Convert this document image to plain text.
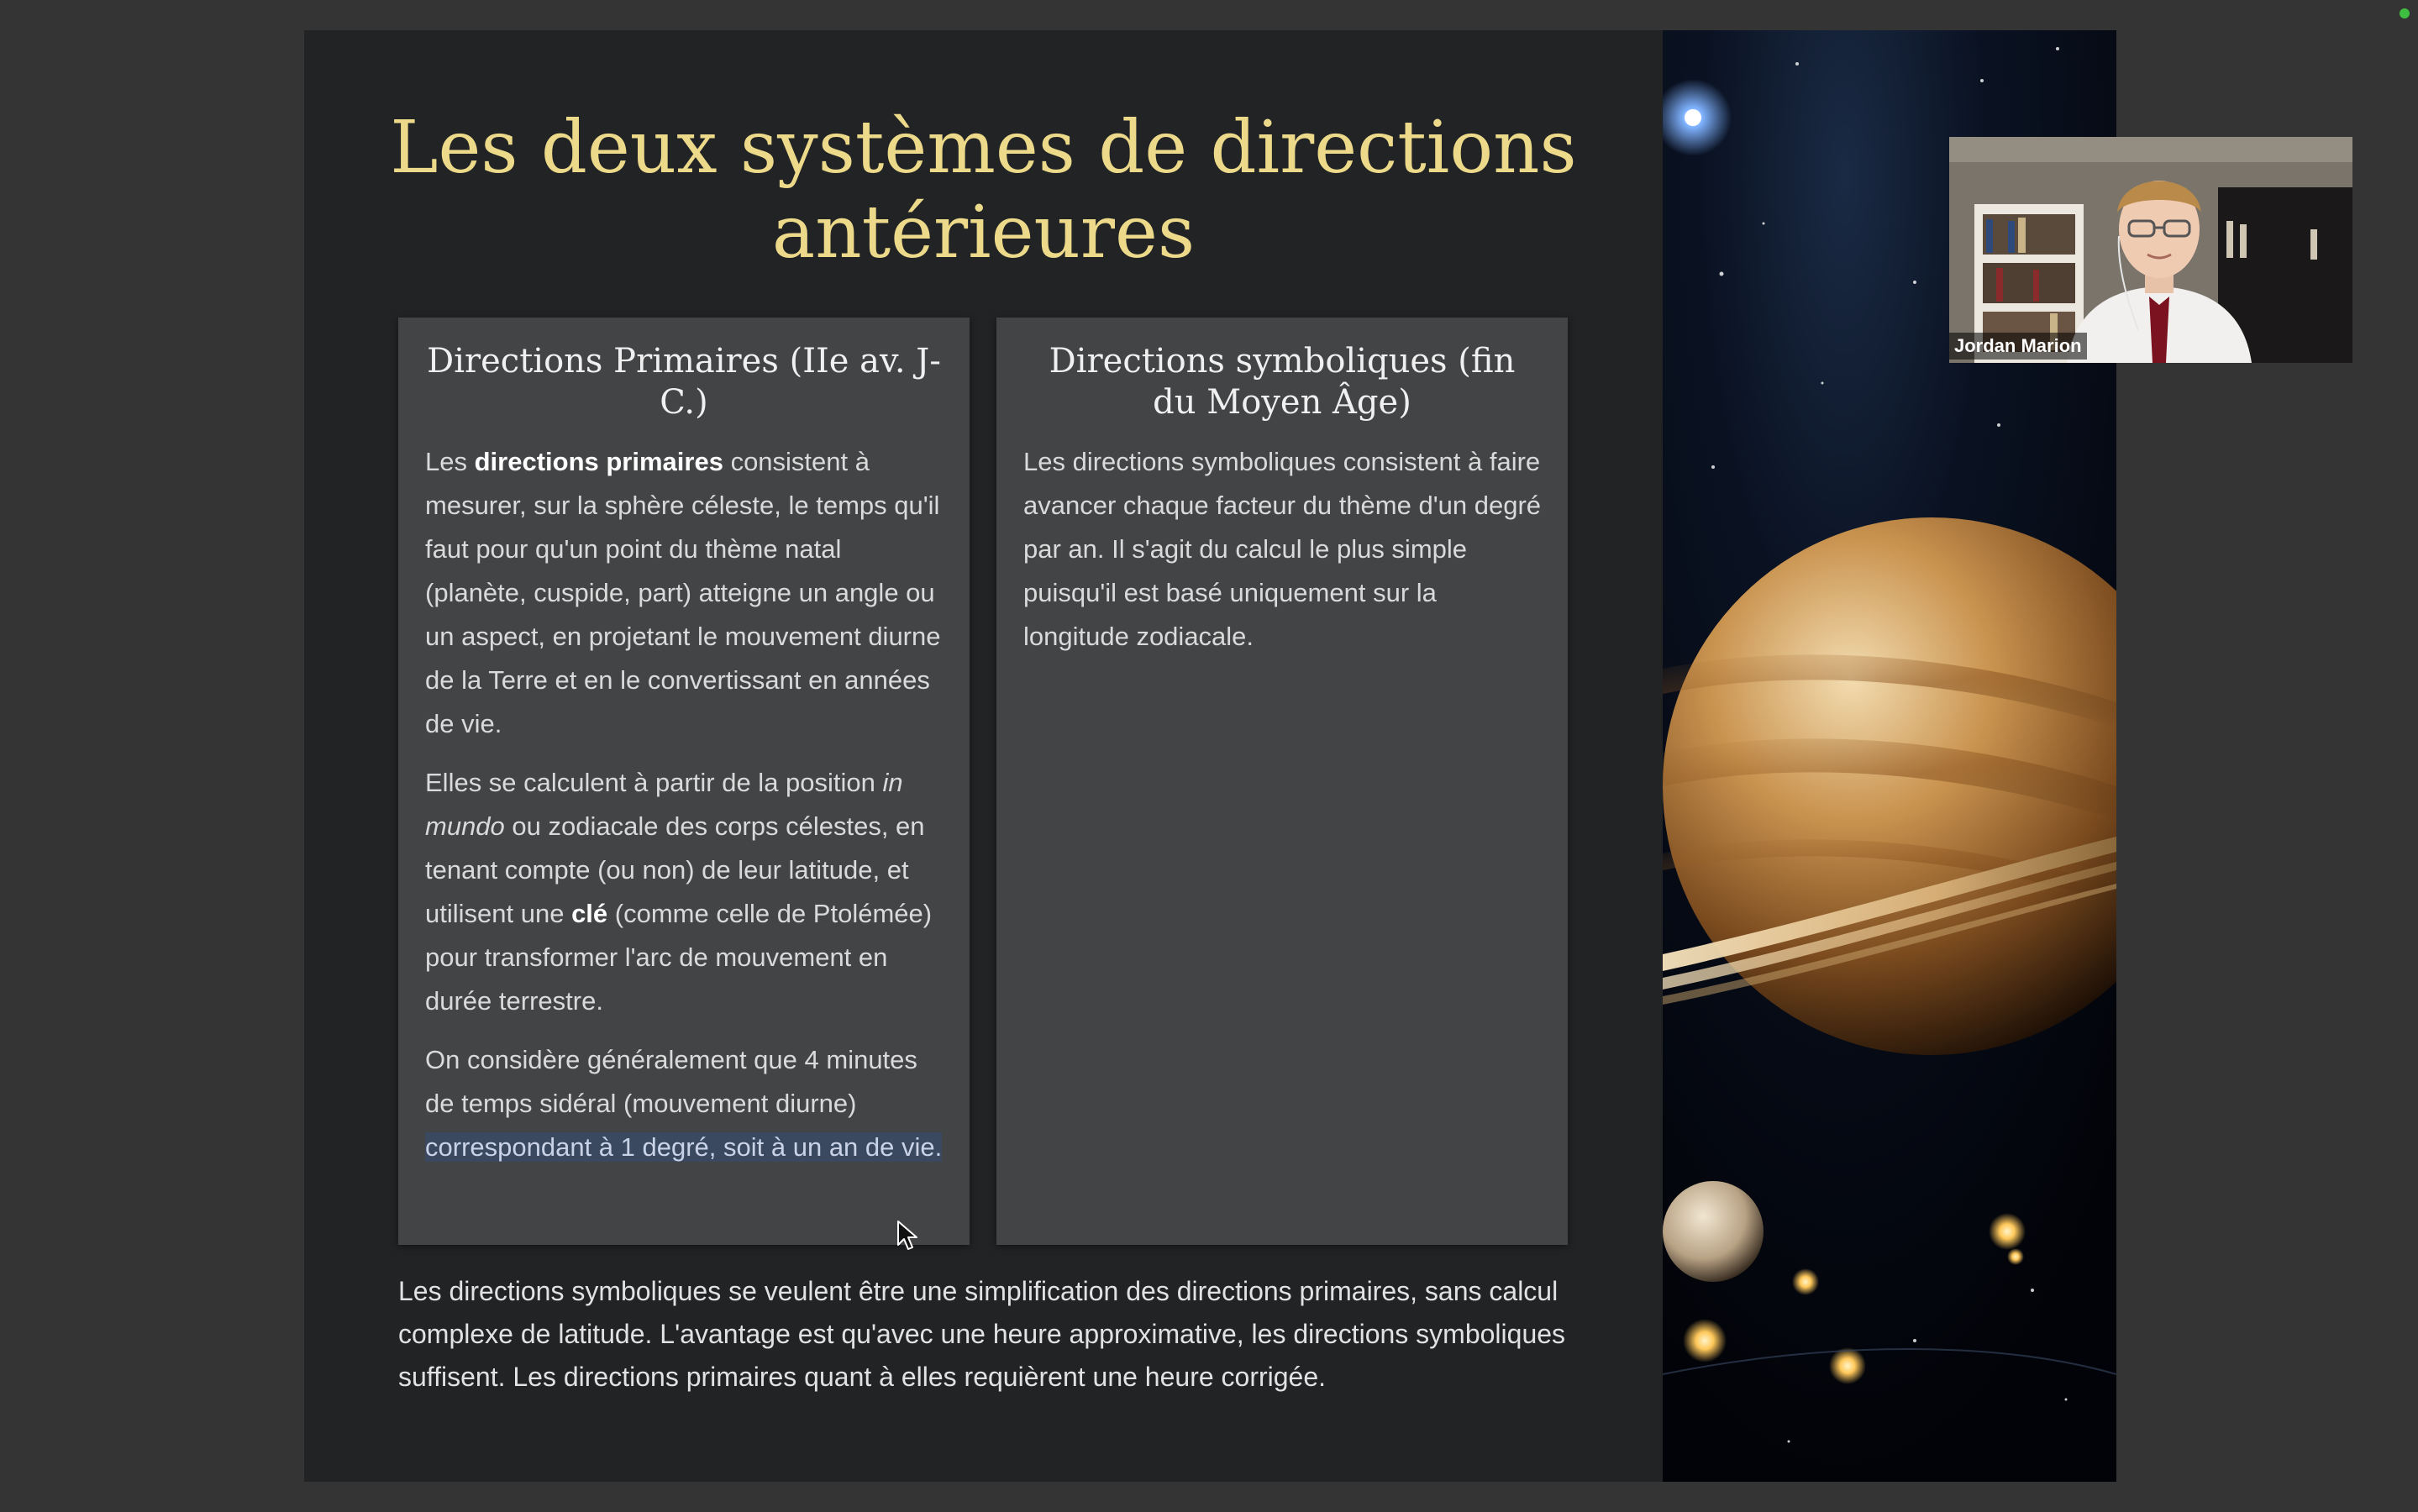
Les deux systèmes de directions antérieures
Directions Primaires (IIe av. J-C.)

Les directions primaires consistent à mesurer, sur la sphère céleste, le temps qu'il faut pour qu'un point du thème natal (planète, cuspide, part) atteigne un angle ou un aspect, en projetant le mouvement diurne de la Terre et en le convertissant en années de vie.

Elles se calculent à partir de la position in mundo ou zodiacale des corps célestes, en tenant compte (ou non) de leur latitude, et utilisent une clé (comme celle de Ptolémée) pour transformer l'arc de mouvement en durée terrestre.

On considère généralement que 4 minutes de temps sidéral (mouvement diurne) correspondant à 1 degré, soit à un an de vie.

Directions symboliques (fin du Moyen Âge)

Les directions symboliques consistent à faire avancer chaque facteur du thème d'un degré par an. Il s'agit du calcul le plus simple puisqu'il est basé uniquement sur la longitude zodiacale.

Les directions symboliques se veulent être une simplification des directions primaires, sans calcul complexe de latitude. L'avantage est qu'avec une heure approximative, les directions symboliques suffisent. Les directions primaires quant à elles requièrent une heure corrigée.

Jordan Marion
